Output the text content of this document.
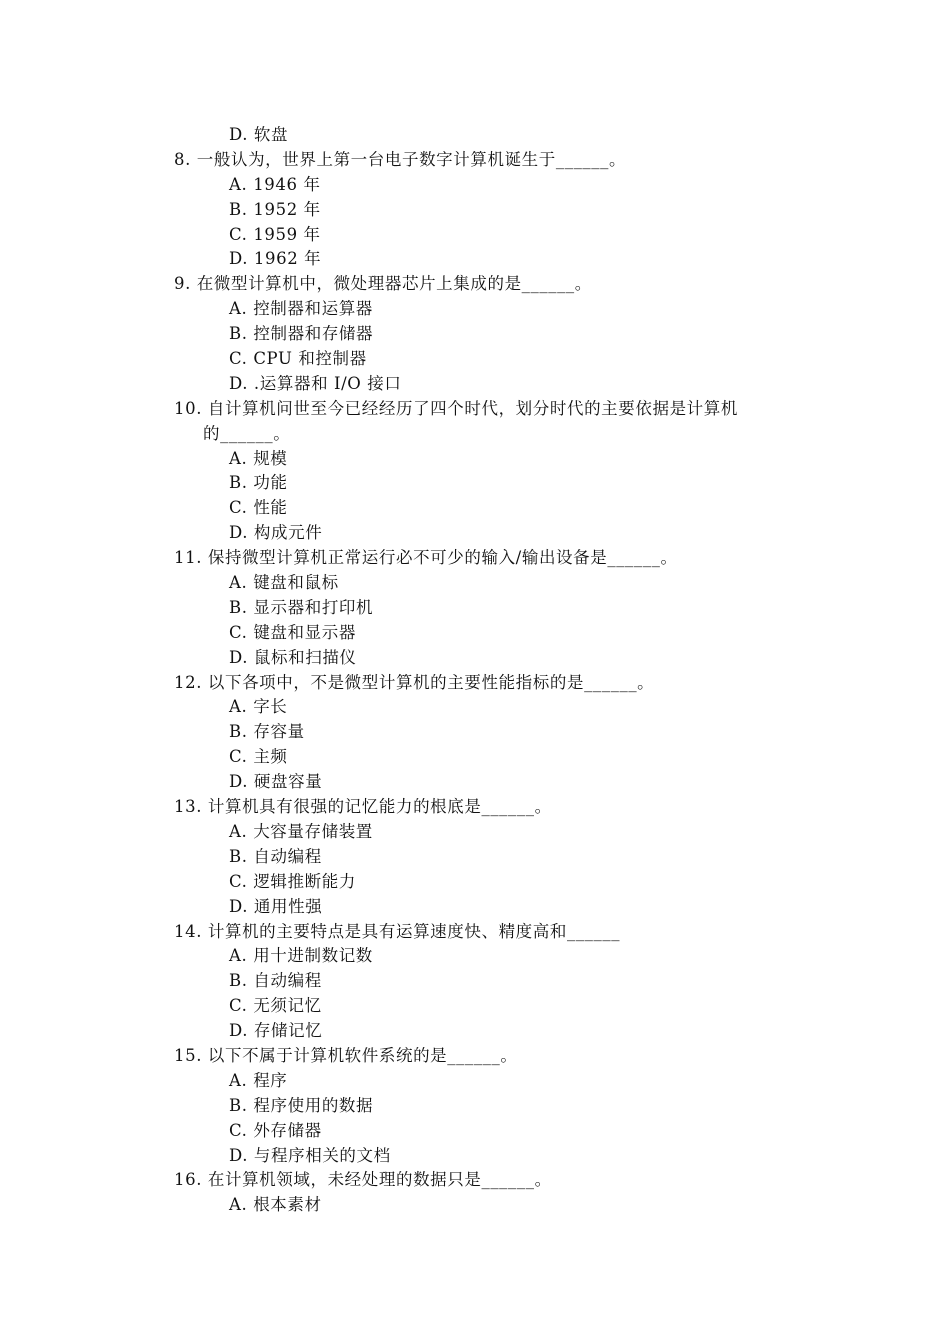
D. 软盘
8. 一般认为，世界上第一台电子数字计算机诞生于______。
A. 1946 年
B. 1952 年
C. 1959 年
D. 1962 年
9. 在微型计算机中，微处理器芯片上集成的是______。
A. 控制器和运算器
B. 控制器和存储器
C. CPU 和控制器
D. .运算器和 I/O 接口
10. 自计算机问世至今已经经历了四个时代，划分时代的主要依据是计算机
的______。
A. 规模
B. 功能
C. 性能
D. 构成元件
11. 保持微型计算机正常运行必不可少的输入/输出设备是______。
A. 键盘和鼠标
B. 显示器和打印机
C. 键盘和显示器
D. 鼠标和扫描仪
12. 以下各项中，不是微型计算机的主要性能指标的是______。
A. 字长
B. 存容量
C. 主频
D. 硬盘容量
13. 计算机具有很强的记忆能力的根底是______。
A. 大容量存储装置
B. 自动编程
C. 逻辑推断能力
D. 通用性强
14. 计算机的主要特点是具有运算速度快、精度高和______
A. 用十进制数记数
B. 自动编程
C. 无须记忆
D. 存储记忆
15. 以下不属于计算机软件系统的是______。
A. 程序
B. 程序使用的数据
C. 外存储器
D. 与程序相关的文档
16. 在计算机领域，未经处理的数据只是______。
A. 根本素材
